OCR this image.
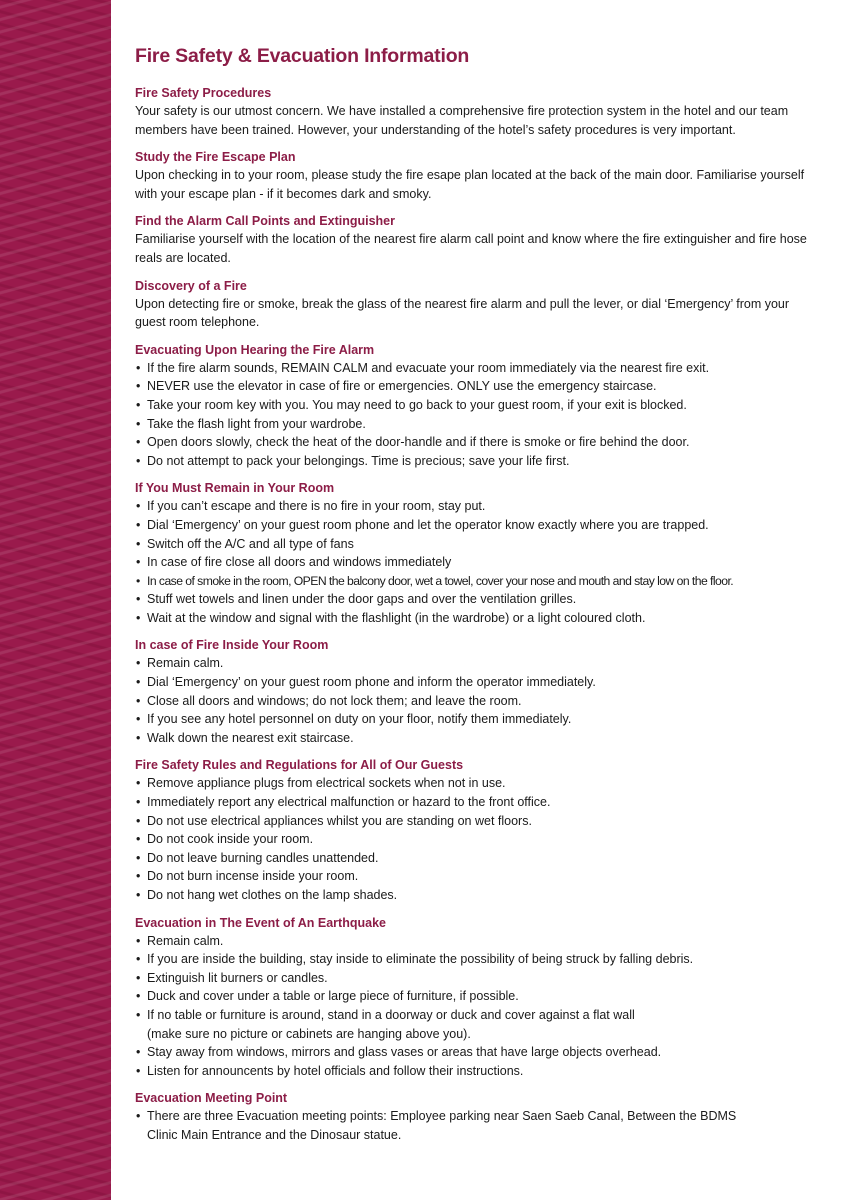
Fire Safety & Evacuation Information

Fire Safety Procedures

Your safety is our utmost concern. We have installed a comprehensive fire protection system in the hotel and our team members have been trained. However, your understanding of the hotel’s safety procedures is very important.

Study the Fire Escape Plan

Upon checking in to your room, please study the fire esape plan located at the back of the main door. Familiarise yourself with your escape plan - if it becomes dark and smoky.

Find the Alarm Call Points and Extinguisher

Familiarise yourself with the location of the nearest fire alarm call point and know where the fire extinguisher and fire hose reals are located.

Discovery of a Fire

Upon detecting fire or smoke, break the glass of the nearest fire alarm and pull the lever, or dial ‘Emergency’ from your guest room telephone.

Evacuating Upon Hearing the Fire Alarm

• If the fire alarm sounds, REMAIN CALM and evacuate your room immediately via the nearest fire exit.
• NEVER use the elevator in case of fire or emergencies. ONLY use the emergency staircase.
• Take your room key with you. You may need to go back to your guest room, if your exit is blocked.
• Take the flash light from your wardrobe.
• Open doors slowly, check the heat of the door-handle and if there is smoke or fire behind the door.
• Do not attempt to pack your belongings. Time is precious; save your life first.

If You Must Remain in Your Room

• If you can’t escape and there is no fire in your room, stay put.
• Dial ‘Emergency’ on your guest room phone and let the operator know exactly where you are trapped.
• Switch off the A/C and all type of fans
• In case of fire close all doors and windows immediately
• In case of smoke in the room, OPEN the balcony door, wet a towel, cover your nose and mouth and stay low on the floor.
• Stuff wet towels and linen under the door gaps and over the ventilation grilles.
• Wait at the window and signal with the flashlight (in the wardrobe) or a light coloured cloth.

In case of Fire Inside Your Room

• Remain calm.
• Dial ‘Emergency’ on your guest room phone and inform the operator immediately.
• Close all doors and windows; do not lock them; and leave the room.
• If you see any hotel personnel on duty on your floor, notify them immediately.
• Walk down the nearest exit staircase.

Fire Safety Rules and Regulations for All of Our Guests

• Remove appliance plugs from electrical sockets when not in use.
• Immediately report any electrical malfunction or hazard to the front office.
• Do not use electrical appliances whilst you are standing on wet floors.
• Do not cook inside your room.
• Do not leave burning candles unattended.
• Do not burn incense inside your room.
• Do not hang wet clothes on the lamp shades.

Evacuation in The Event of An Earthquake

• Remain calm.
• If you are inside the building, stay inside to eliminate the possibility of being struck by falling debris.
• Extinguish lit burners or candles.
• Duck and cover under a table or large piece of furniture, if possible.
• If no table or furniture is around, stand in a doorway or duck and cover against a flat wall
(make sure no picture or cabinets are hanging above you).
• Stay away from windows, mirrors and glass vases or areas that have large objects overhead.
• Listen for announcents by hotel officials and follow their instructions.

Evacuation Meeting Point

• There are three Evacuation meeting points: Employee parking near Saen Saeb Canal, Between the BDMS
Clinic Main Entrance and the Dinosaur statue.
